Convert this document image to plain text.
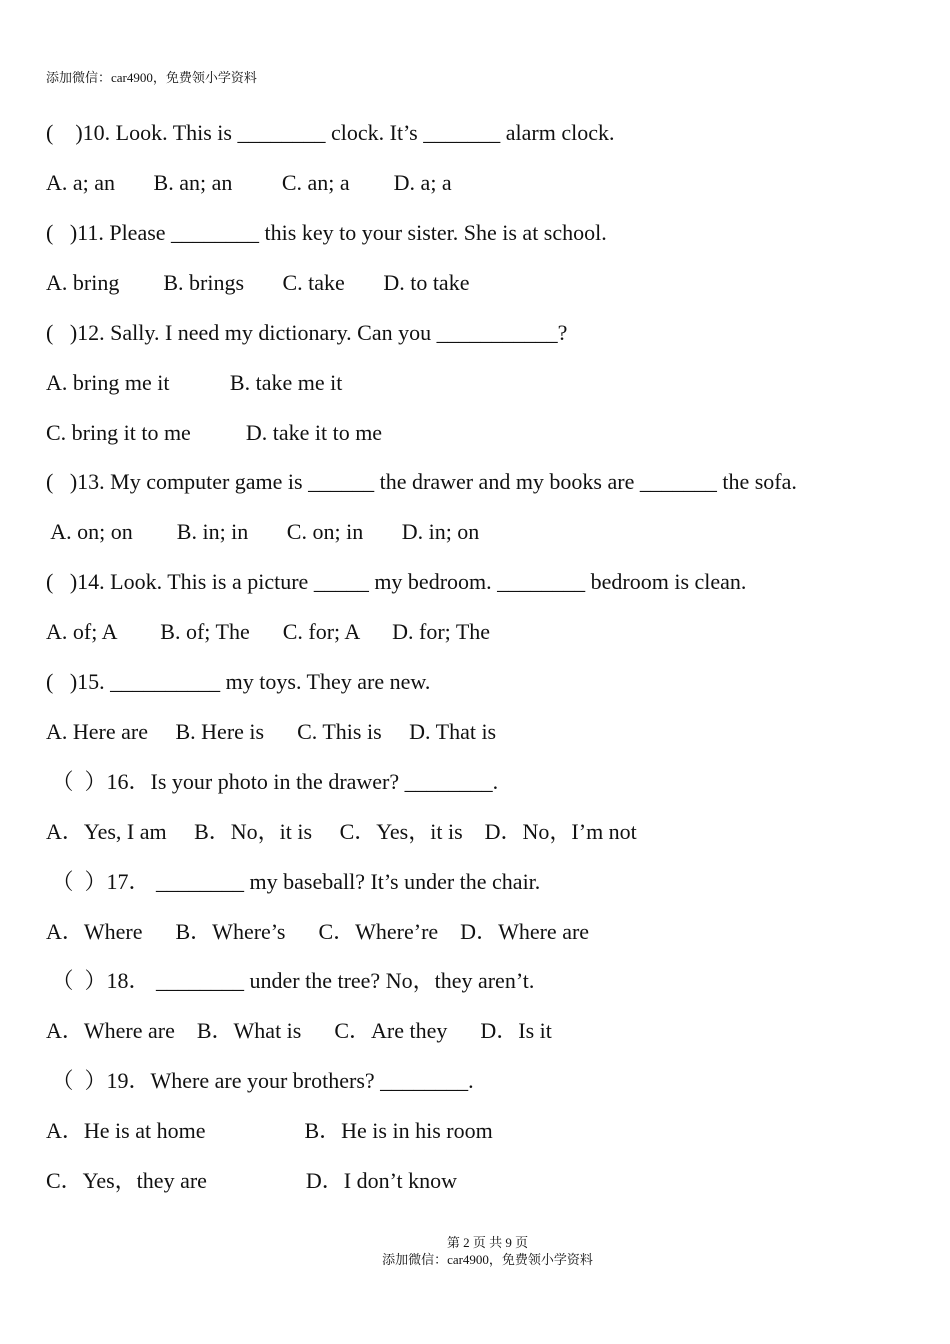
添加微信：car4900，免费领小学资料
(    )10. Look. This is ________ clock. It’s _______ alarm clock.
A. a; an       B. an; an         C. an; a        D. a; a
(   )11. Please ________ this key to your sister. She is at school.
A. bring        B. brings       C. take       D. to take
(   )12. Sally. I need my dictionary. Can you ___________?
A. bring me it           B. take me it
C. bring it to me          D. take it to me
(   )13. My computer game is ______ the drawer and my books are _______ the sofa.
A. on; on        B. in; in       C. on; in       D. in; on
(   )14. Look. This is a picture _____ my bedroom. ________ bedroom is clean.
A. of; A        B. of; The      C. for; A      D. for; The
(   )15. __________ my toys. They are new.
A. Here are     B. Here is      C. This is     D. That is
（  ）16．Is your photo in the drawer? ________.
A．Yes, I am     B．No，it is     C．Yes，it is    D．No，I’m not
（  ）17． ________ my baseball? It’s under the chair.
A．Where      B．Where’s      C．Where’re    D．Where are
（  ）18． ________ under the tree? No，they aren’t.
A．Where are    B．What is      C．Are they      D．Is it
（  ）19．Where are your brothers? ________.
A．He is at home                  B．He is in his room
C．Yes，they are                  D．I don’t know
第 2 页 共 9 页
添加微信：car4900，免费领小学资料
